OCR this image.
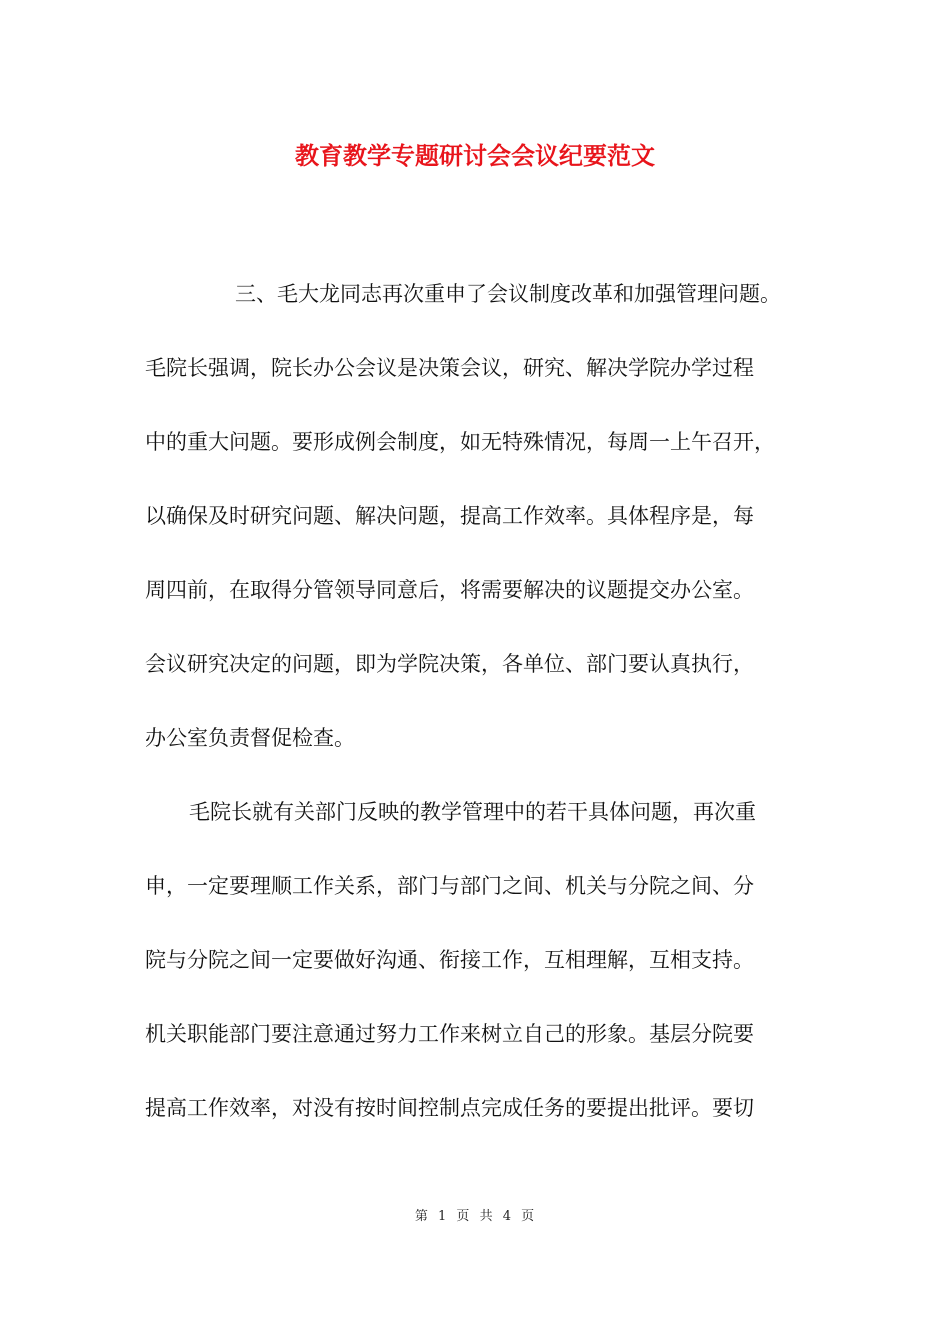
教育教学专题研讨会会议纪要范文
三、毛大龙同志再次重申了会议制度改革和加强管理问题。
毛院长强调，院长办公会议是决策会议，研究、解决学院办学过程
中的重大问题。要形成例会制度，如无特殊情况，每周一上午召开，
以确保及时研究问题、解决问题，提高工作效率。具体程序是，每
周四前，在取得分管领导同意后，将需要解决的议题提交办公室。
会议研究决定的问题，即为学院决策，各单位、部门要认真执行，
办公室负责督促检查。
毛院长就有关部门反映的教学管理中的若干具体问题，再次重
申，一定要理顺工作关系，部门与部门之间、机关与分院之间、分
院与分院之间一定要做好沟通、衔接工作，互相理解，互相支持。
机关职能部门要注意通过努力工作来树立自己的形象。基层分院要
提高工作效率，对没有按时间控制点完成任务的要提出批评。要切
第 1 页 共 4 页
